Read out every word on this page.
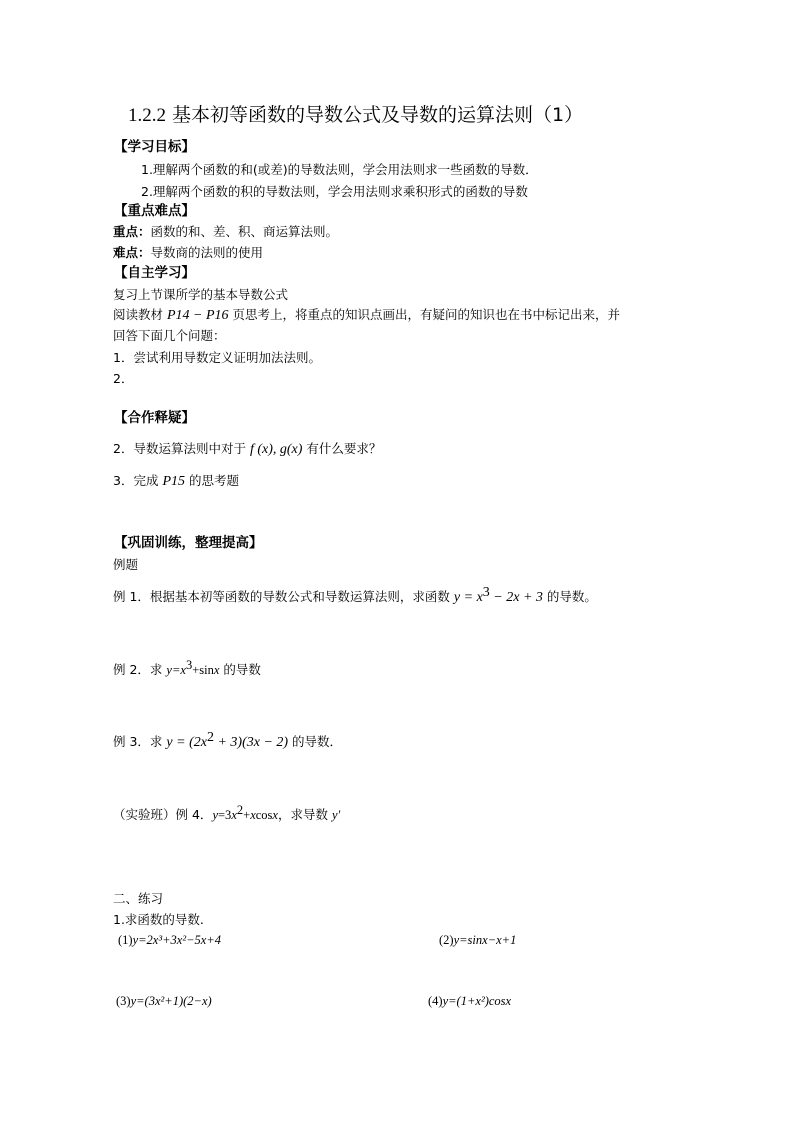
1.2.2 基本初等函数的导数公式及导数的运算法则（1）
【学习目标】
1.理解两个函数的和(或差)的导数法则，学会用法则求一些函数的导数．
2.理解两个函数的积的导数法则，学会用法则求乘积形式的函数的导数
【重点难点】
重点：函数的和、差、积、商运算法则。
难点：导数商的法则的使用
【自主学习】
复习上节课所学的基本导数公式
阅读教材 P14 − P16 页思考上，将重点的知识点画出，有疑问的知识也在书中标记出来，并
回答下面几个问题：
1．尝试利用导数定义证明加法法则。
2．
【合作释疑】
2．导数运算法则中对于 f (x), g(x) 有什么要求？
3．完成 P15 的思考题
【巩固训练，整理提高】
例题
例 1．根据基本初等函数的导数公式和导数运算法则，求函数 $y = x^3 - 2x + 3$ 的导数。
例 2．求 $y=x^3+\sin x$ 的导数
例 3．求 $y = (2x^2 + 3)(3x - 2)$ 的导数．
（实验班）例 4．$y=3x^2+xcosx$，求导数 y′
二、练习
1.求函数的导数.
(1)y=2x³+3x²−5x+4	(2)y=sinx−x+1
(3)y=(3x²+1)(2−x)	(4)y=(1+x²)cosx
